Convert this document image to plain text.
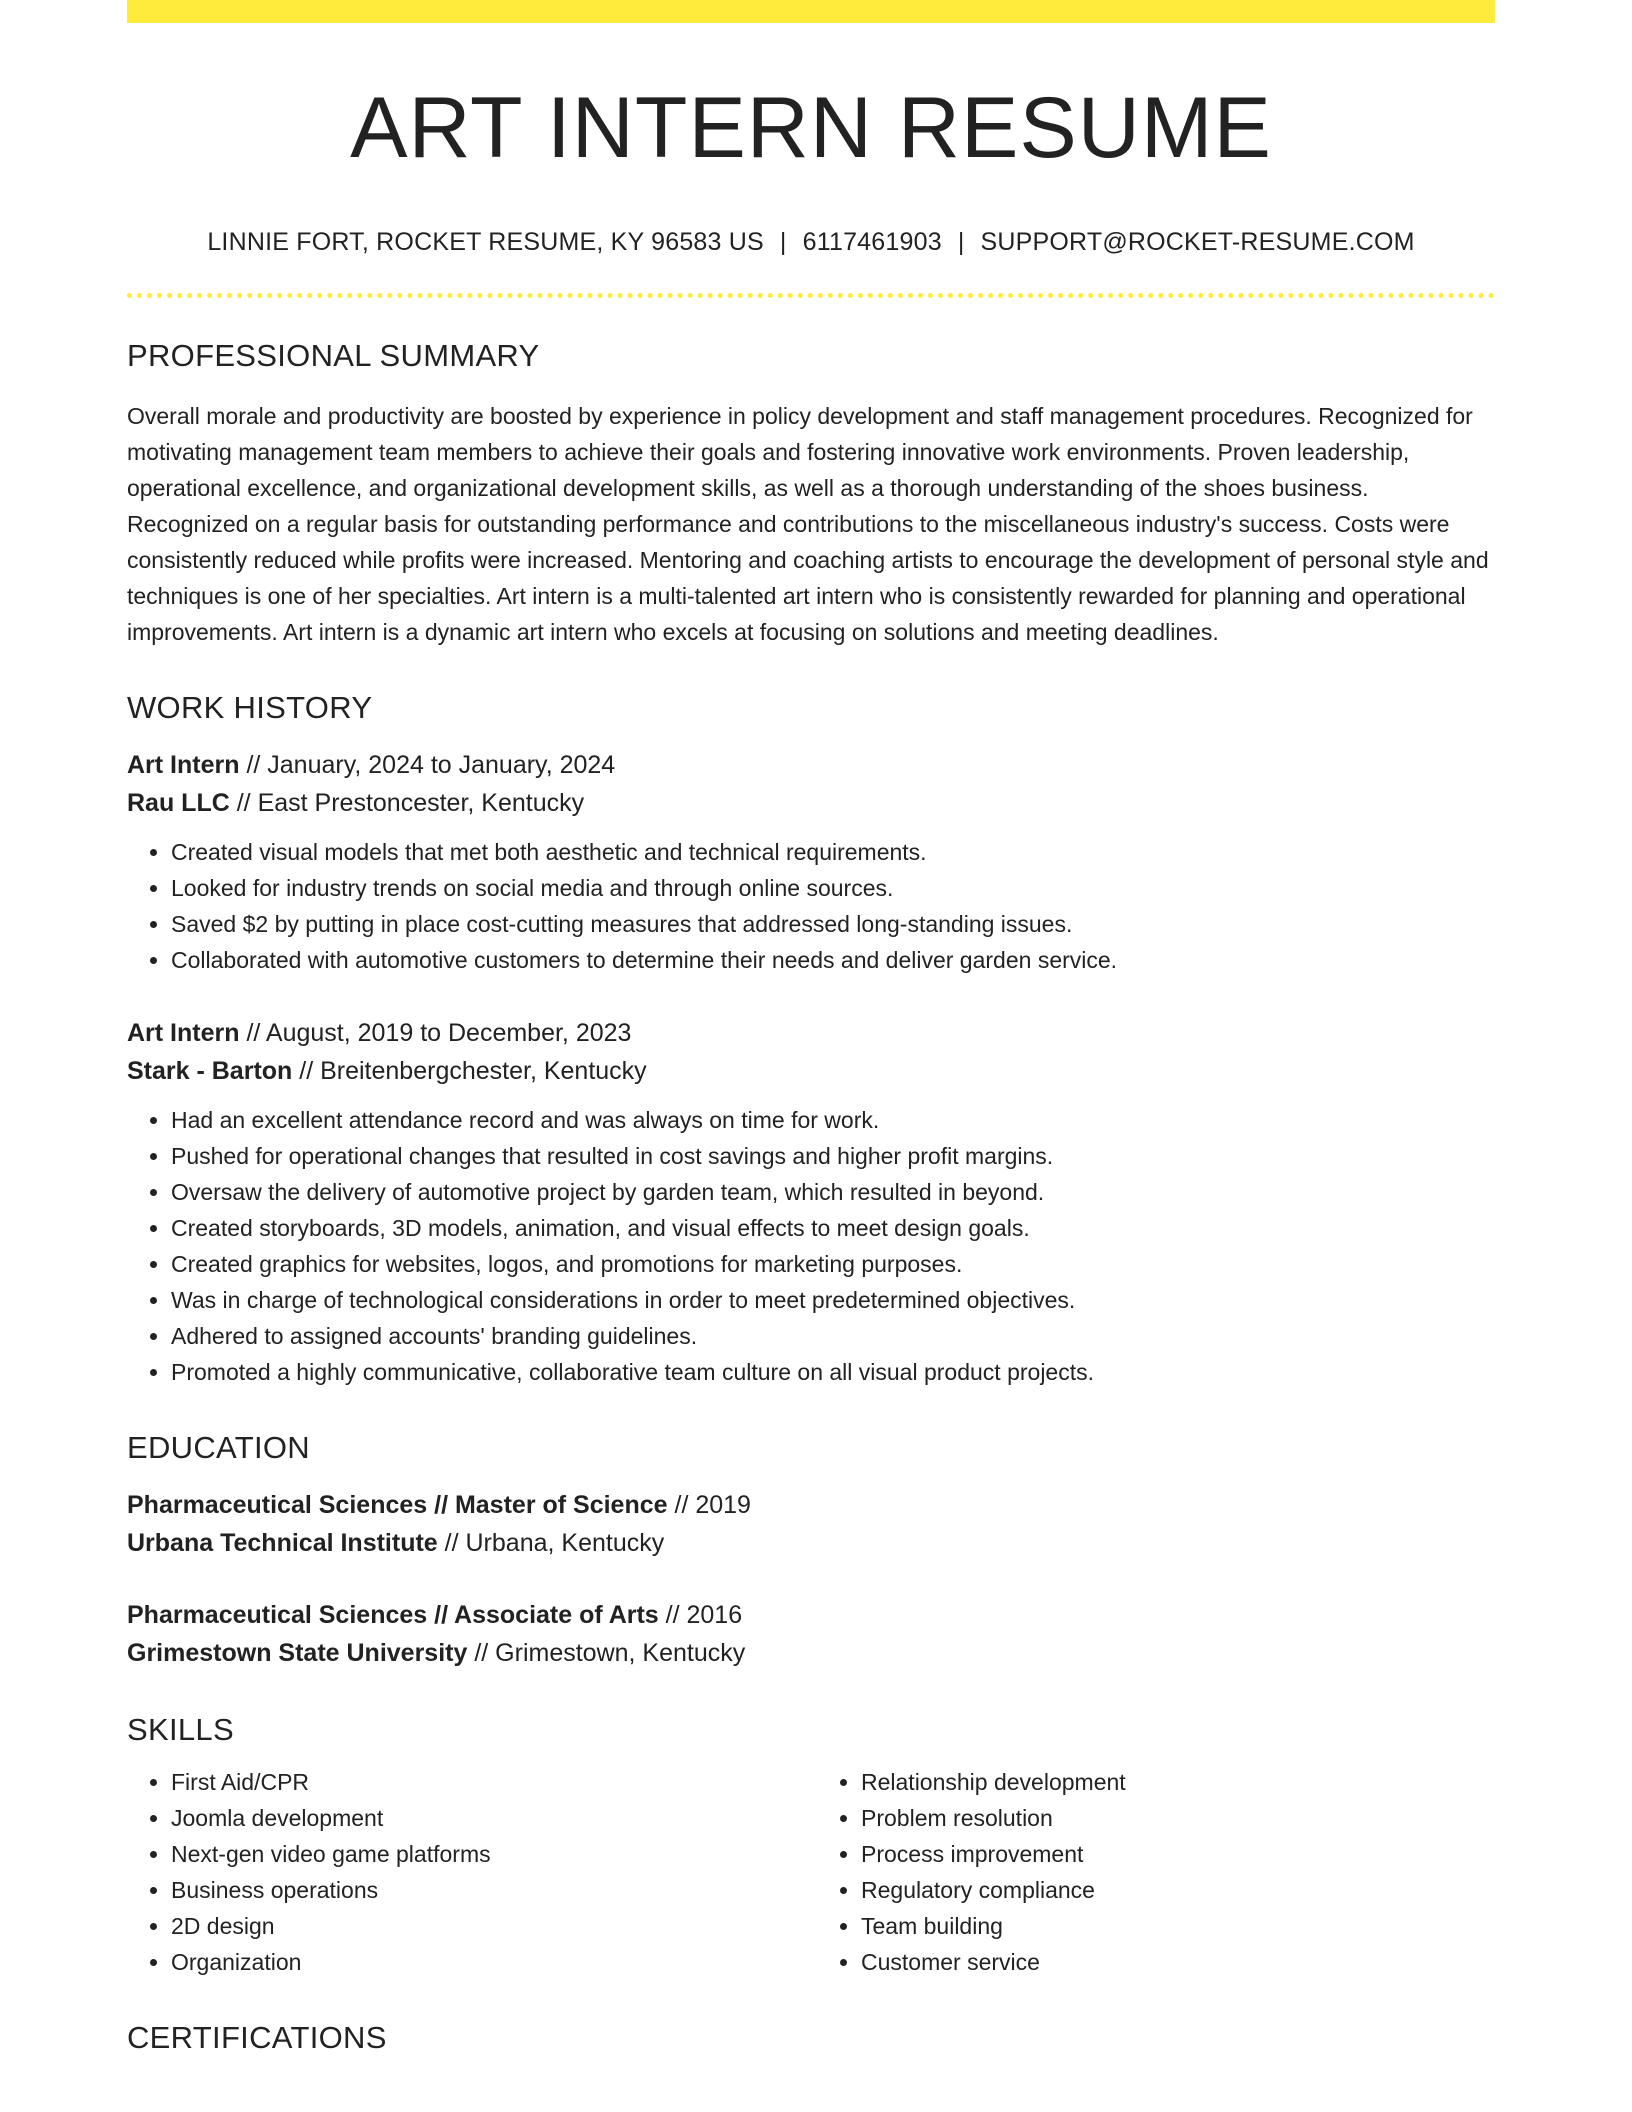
ART INTERN RESUME
LINNIE FORT, ROCKET RESUME, KY 96583 US | 6117461903 | SUPPORT@ROCKET-RESUME.COM
PROFESSIONAL SUMMARY
Overall morale and productivity are boosted by experience in policy development and staff management procedures. Recognized for motivating management team members to achieve their goals and fostering innovative work environments. Proven leadership, operational excellence, and organizational development skills, as well as a thorough understanding of the shoes business. Recognized on a regular basis for outstanding performance and contributions to the miscellaneous industry's success. Costs were consistently reduced while profits were increased. Mentoring and coaching artists to encourage the development of personal style and techniques is one of her specialties. Art intern is a multi-talented art intern who is consistently rewarded for planning and operational improvements. Art intern is a dynamic art intern who excels at focusing on solutions and meeting deadlines.
WORK HISTORY
Art Intern // January, 2024 to January, 2024
Rau LLC // East Prestoncester, Kentucky
• Created visual models that met both aesthetic and technical requirements.
• Looked for industry trends on social media and through online sources.
• Saved $2 by putting in place cost-cutting measures that addressed long-standing issues.
• Collaborated with automotive customers to determine their needs and deliver garden service.
Art Intern // August, 2019 to December, 2023
Stark - Barton // Breitenbergchester, Kentucky
• Had an excellent attendance record and was always on time for work.
• Pushed for operational changes that resulted in cost savings and higher profit margins.
• Oversaw the delivery of automotive project by garden team, which resulted in beyond.
• Created storyboards, 3D models, animation, and visual effects to meet design goals.
• Created graphics for websites, logos, and promotions for marketing purposes.
• Was in charge of technological considerations in order to meet predetermined objectives.
• Adhered to assigned accounts' branding guidelines.
• Promoted a highly communicative, collaborative team culture on all visual product projects.
EDUCATION
Pharmaceutical Sciences // Master of Science // 2019
Urbana Technical Institute // Urbana, Kentucky
Pharmaceutical Sciences // Associate of Arts // 2016
Grimestown State University // Grimestown, Kentucky
SKILLS
• First Aid/CPR
• Joomla development
• Next-gen video game platforms
• Business operations
• 2D design
• Organization
• Relationship development
• Problem resolution
• Process improvement
• Regulatory compliance
• Team building
• Customer service
CERTIFICATIONS
